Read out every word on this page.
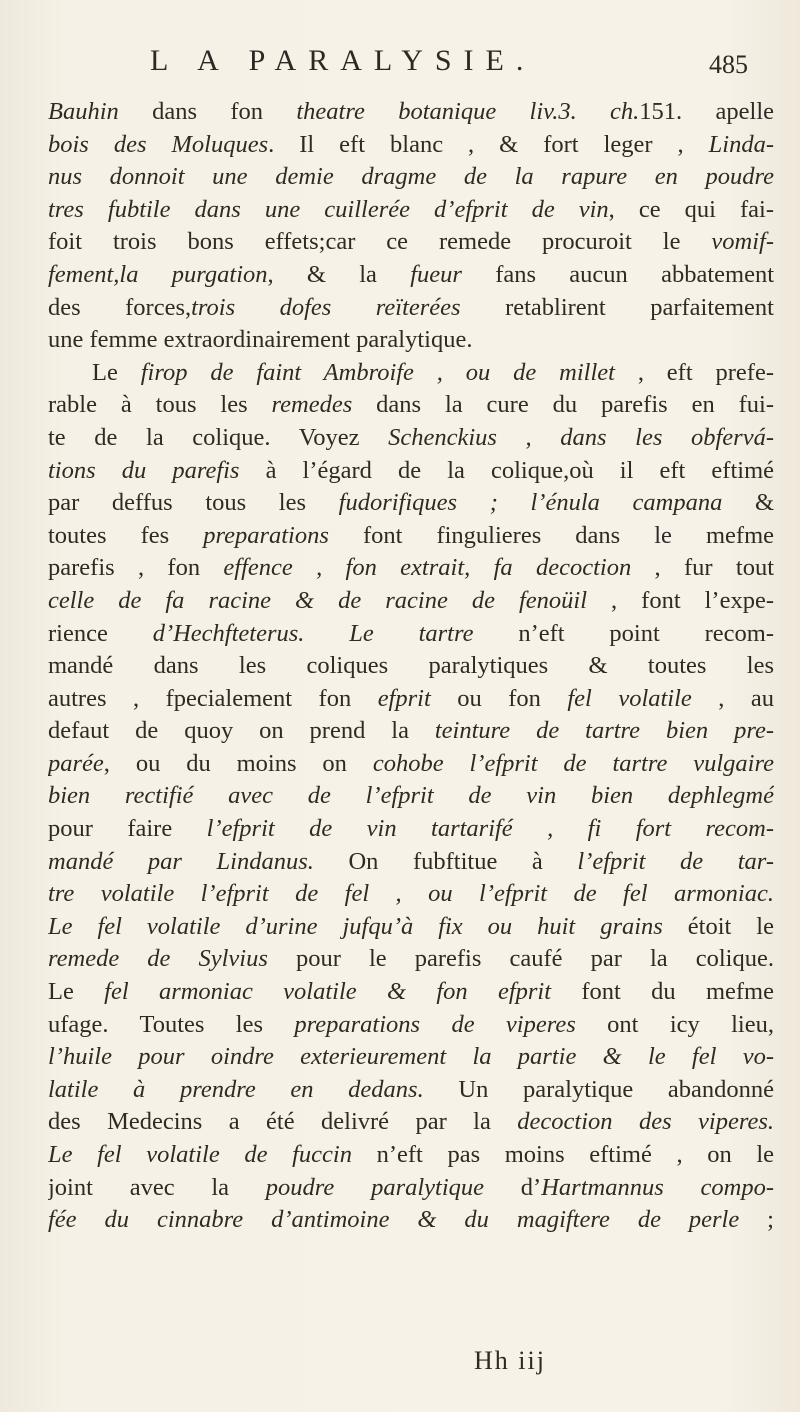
L A PARALYSIE.	485
Bauhin dans fon theatre botanique liv.3. ch.151. apelle
bois des Moluques. Il eft blanc , & fort leger , Linda-
nus donnoit une demie dragme de la rapure en poudre
tres fubtile dans une cuillerée d’efprit de vin, ce qui fai-
foit trois bons effets;car ce remede procuroit le vomif-
fement,la purgation, & la fueur fans aucun abbatement
des forces,trois dofes reïterées retablirent parfaitement
une femme extraordinairement paralytique.
Le firop de faint Ambroife , ou de millet , eft prefe-
rable à tous les remedes dans la cure du parefis en fui-
te de la colique. Voyez Schenckius , dans les obfervá-
tions du parefis à l’égard de la colique,où il eft eftimé
par deffus tous les fudorifiques ; l’énula campana &
toutes fes preparations font fingulieres dans le mefme
parefis , fon effence , fon extrait, fa decoction , fur tout
celle de fa racine & de racine de fenoüil , font l’expe-
rience d’Hechfteterus. Le tartre n’eft point recom-
mandé dans les coliques paralytiques & toutes les
autres , fpecialement fon efprit ou fon fel volatile , au
defaut de quoy on prend la teinture de tartre bien pre-
parée, ou du moins on cohobe l’efprit de tartre vulgaire
bien rectifié avec de l’efprit de vin bien dephlegmé
pour faire l’efprit de vin tartarifé , fi fort recom-
mandé par Lindanus. On fubftitue à l’efprit de tar-
tre volatile l’efprit de fel , ou l’efprit de fel armoniac.
Le fel volatile d’urine jufqu’à fix ou huit grains étoit le
remede de Sylvius pour le parefis caufé par la colique.
Le fel armoniac volatile & fon efprit font du mefme
ufage. Toutes les preparations de viperes ont icy lieu,
l’huile pour oindre exterieurement la partie & le fel vo-
latile à prendre en dedans. Un paralytique abandonné
des Medecins a été delivré par la decoction des viperes.
Le fel volatile de fuccin n’eft pas moins eftimé , on le
joint avec la poudre paralytique d’Hartmannus compo-
fée du cinnabre d’antimoine & du magiftere de perle ;
Hh iij
